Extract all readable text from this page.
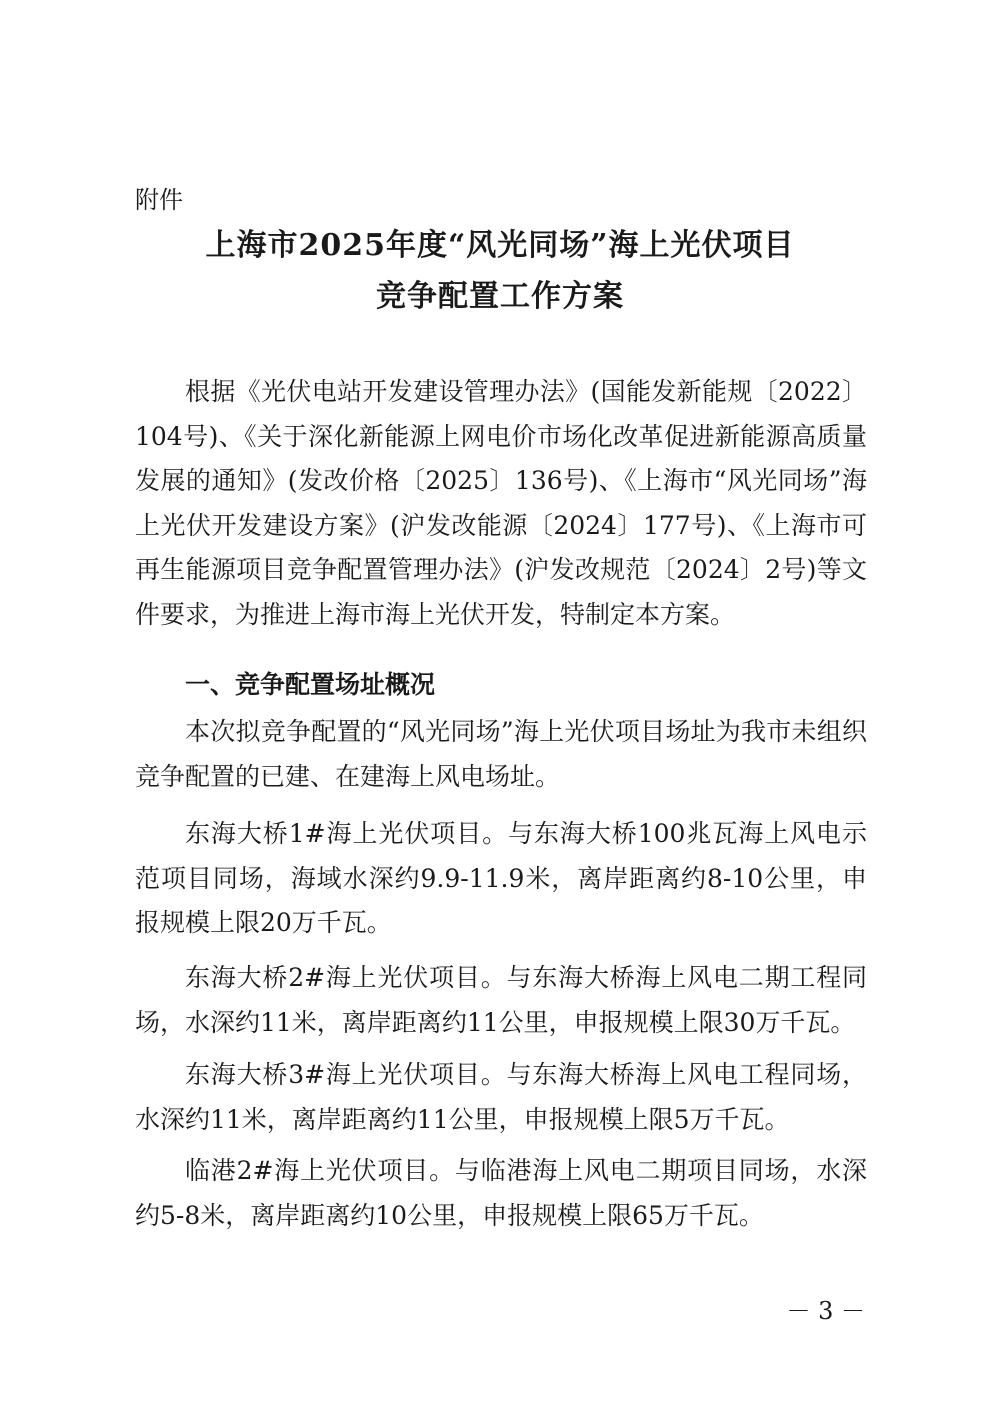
附件
上海市2025年度“风光同场”海上光伏项目
竞争配置工作方案

根据《光伏电站开发建设管理办法》(国能发新能规〔2022〕104号)、《关于深化新能源上网电价市场化改革促进新能源高质量发展的通知》(发改价格〔2025〕136号)、《上海市“风光同场”海上光伏开发建设方案》(沪发改能源〔2024〕177号)、《上海市可再生能源项目竞争配置管理办法》(沪发改规范〔2024〕2号)等文件要求，为推进上海市海上光伏开发，特制定本方案。

一、竞争配置场址概况

本次拟竞争配置的“风光同场”海上光伏项目场址为我市未组织竞争配置的已建、在建海上风电场址。

东海大桥1#海上光伏项目。与东海大桥100兆瓦海上风电示范项目同场，海域水深约9.9-11.9米，离岸距离约8-10公里，申报规模上限20万千瓦。

东海大桥2#海上光伏项目。与东海大桥海上风电二期工程同场，水深约11米，离岸距离约11公里，申报规模上限30万千瓦。

东海大桥3#海上光伏项目。与东海大桥海上风电工程同场，水深约11米，离岸距离约11公里，申报规模上限5万千瓦。

临港2#海上光伏项目。与临港海上风电二期项目同场，水深约5-8米，离岸距离约10公里，申报规模上限65万千瓦。

－ 3 －
